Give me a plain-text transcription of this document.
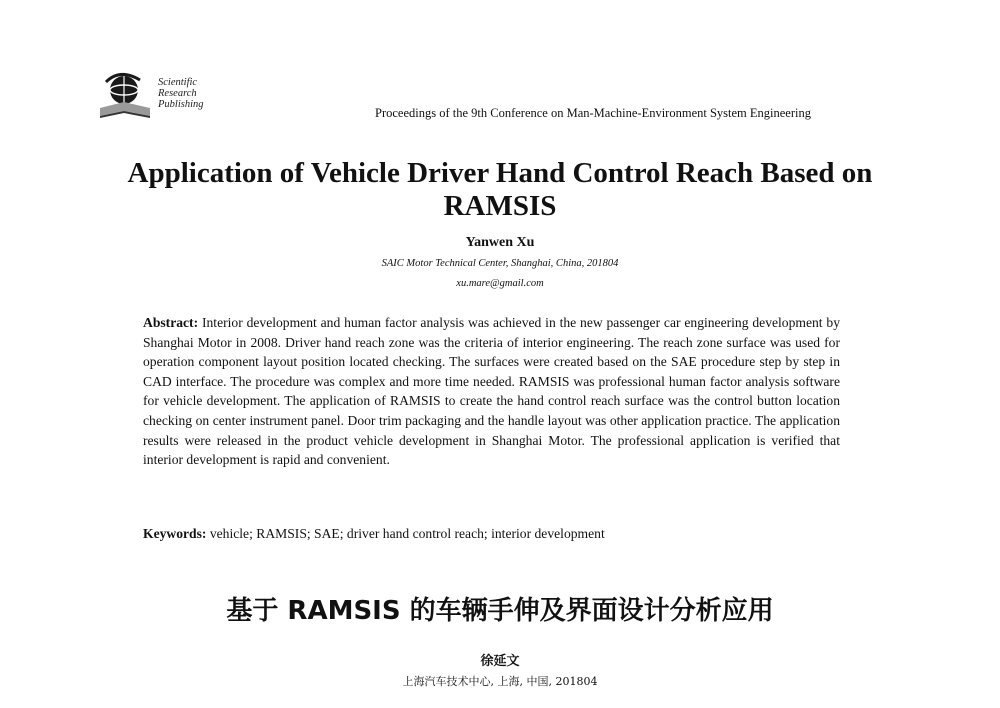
Scientific
Research
Publishing
Proceedings of the 9th Conference on Man-Machine-Environment System Engineering
Application of Vehicle Driver Hand Control Reach Based on RAMSIS
Yanwen Xu
SAIC Motor Technical Center, Shanghai, China, 201804
xu.mare@gmail.com
Abstract: Interior development and human factor analysis was achieved in the new passenger car engineering development by Shanghai Motor in 2008. Driver hand reach zone was the criteria of interior engineering. The reach zone surface was used for operation component layout position located checking. The surfaces were created based on the SAE procedure step by step in CAD interface. The procedure was complex and more time needed. RAMSIS was professional human factor analysis software for vehicle development. The application of RAMSIS to create the hand control reach surface was the control button location checking on center instrument panel. Door trim packaging and the handle layout was other application practice. The application results were released in the product vehicle development in Shanghai Motor. The professional application is verified that interior development is rapid and convenient.
Keywords: vehicle; RAMSIS; SAE; driver hand control reach; interior development
基于 RAMSIS 的车辆手伸及界面设计分析应用
徐延文
上海汽车技术中心, 上海, 中国, 201804
